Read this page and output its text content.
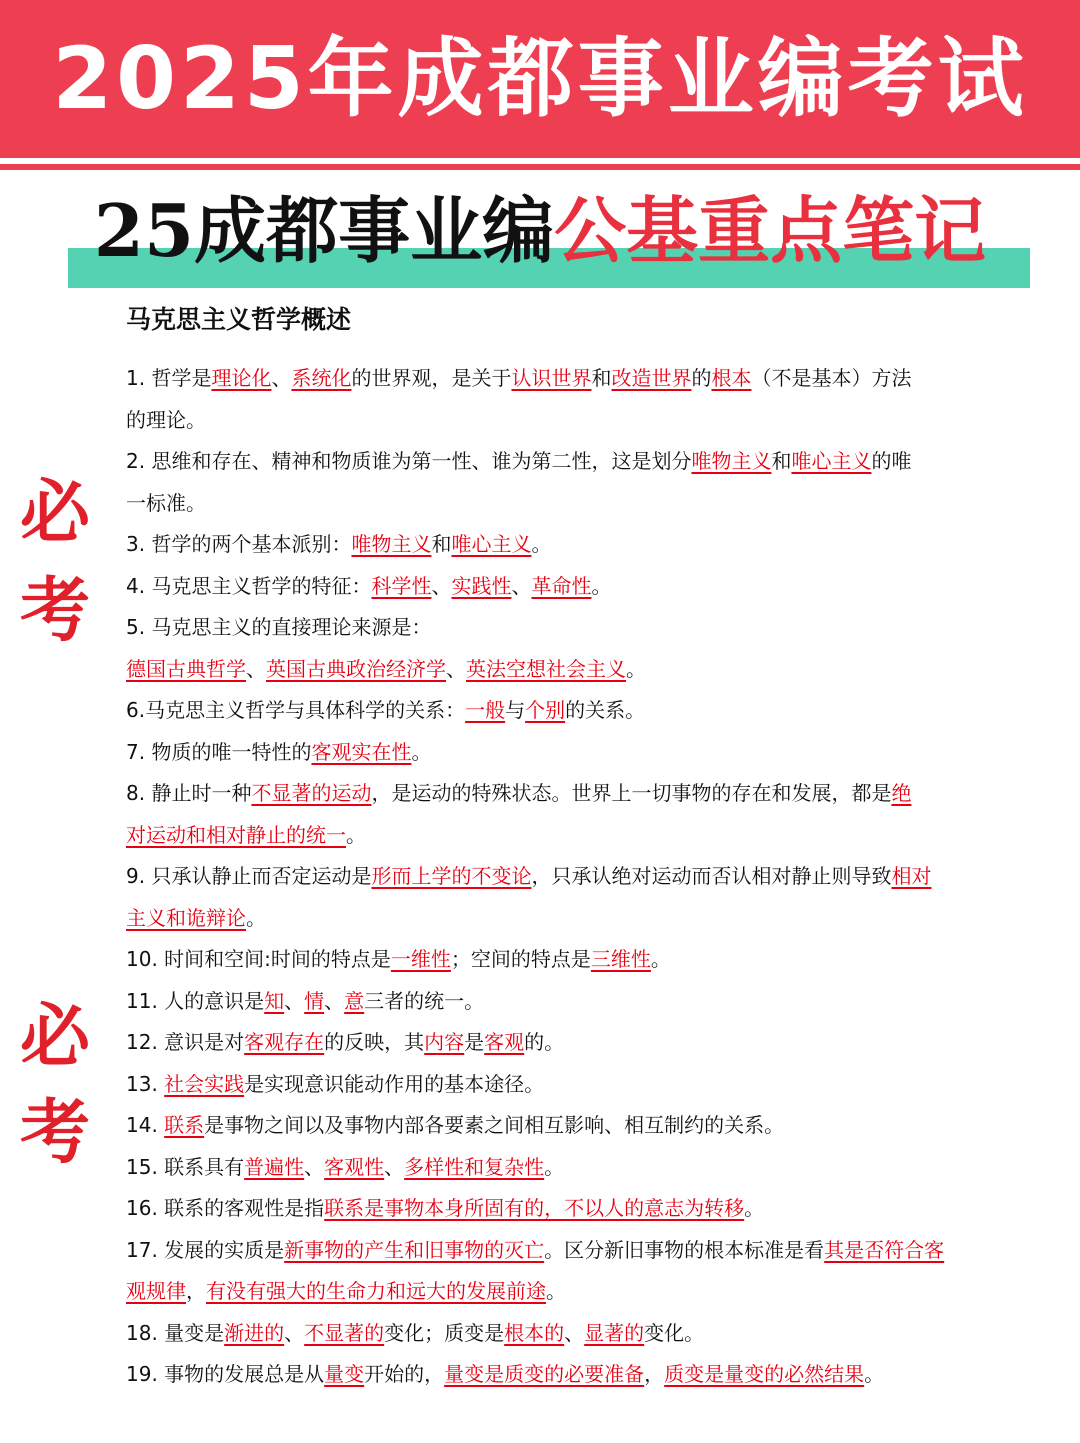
2025年成都事业编考试
25成都事业编公基重点笔记
必
考
必
考
马克思主义哲学概述
1. 哲学是理论化、系统化的世界观，是关于认识世界和改造世界的根本（不是基本）方法
的理论。
2. 思维和存在、精神和物质谁为第一性、谁为第二性，这是划分唯物主义和唯心主义的唯
一标准。
3. 哲学的两个基本派别：唯物主义和唯心主义。
4. 马克思主义哲学的特征：科学性、实践性、革命性。
5. 马克思主义的直接理论来源是：
德国古典哲学、英国古典政治经济学、英法空想社会主义。
6.马克思主义哲学与具体科学的关系：一般与个别的关系。
7. 物质的唯一特性的客观实在性。
8. 静止时一种不显著的运动，是运动的特殊状态。世界上一切事物的存在和发展，都是绝
对运动和相对静止的统一。
9. 只承认静止而否定运动是形而上学的不变论，只承认绝对运动而否认相对静止则导致相对
主义和诡辩论。
10. 时间和空间:时间的特点是一维性；空间的特点是三维性。
11. 人的意识是知、情、意三者的统一。
12. 意识是对客观存在的反映，其内容是客观的。
13. 社会实践是实现意识能动作用的基本途径。
14. 联系是事物之间以及事物内部各要素之间相互影响、相互制约的关系。
15. 联系具有普遍性、客观性、多样性和复杂性。
16. 联系的客观性是指联系是事物本身所固有的，不以人的意志为转移。
17. 发展的实质是新事物的产生和旧事物的灭亡。区分新旧事物的根本标准是看其是否符合客
观规律，有没有强大的生命力和远大的发展前途。
18. 量变是渐进的、不显著的变化；质变是根本的、显著的变化。
19. 事物的发展总是从量变开始的，量变是质变的必要准备，质变是量变的必然结果。
